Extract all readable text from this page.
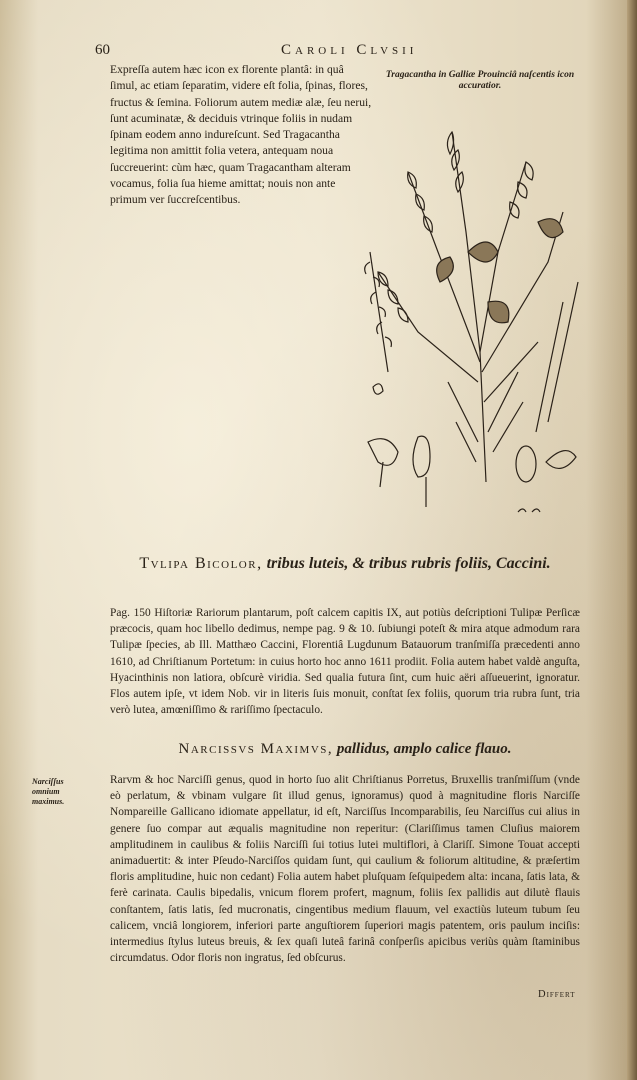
60	Caroli Clvsii

Expreſſa autem hæc icon ex florente plantâ: in quâ ſimul, ac etiam ſeparatim, videre eſt folia, ſpinas, flores, fructus & ſemina. Foliorum autem mediæ alæ, ſeu nerui, ſunt acuminatæ, & deciduis vtrinque foliis in nudam ſpinam eodem anno indureſcunt. Sed Tragacantha legitima non amittit folia vetera, antequam noua ſuccreuerint: cùm hæc, quam Tragacantham alteram vocamus, folia ſua hieme amittat; nouis non ante primum ver ſuccreſcentibus.

Tragacantha in Galliæ Prouinciâ naſcentis icon accuratior.
Tvlipa Bicolor, tribus luteis, & tribus rubris foliis, Caccini.

Pag. 150 Hiſtoriæ Rariorum plantarum, poſt calcem capitis IX, aut potiùs deſcriptioni Tulipæ Perſicæ præcocis, quam hoc libello dedimus, nempe pag. 9 & 10. ſubiungi poteſt & mira atque admodum rara Tulipæ ſpecies, ab Ill. Matthæo Caccini, Florentiâ Lugdunum Batauorum tranſmiſſa præcedenti anno 1610, ad Chriſtianum Portetum: in cuius horto hoc anno 1611 prodiit. Folia autem habet valdè anguſta, Hyacinthinis non latiora, obſcurè viridia. Sed qualia futura ſint, cum huic aëri aſſueuerint, ignoratur. Flos autem ipſe, vt idem Nob. vir in literis ſuis monuit, conſtat ſex foliis, quorum tria rubra ſunt, tria verò lutea, amœniſſimo & rariſſimo ſpectaculo.

Narcissvs Maximvs, pallidus, amplo calice flauo.
Narciſſus omnium maximus.

Rarvm & hoc Narciſſi genus, quod in horto ſuo alit Chriſtianus Porretus, Bruxellis tranſmiſſum (vnde eò perlatum, & vbinam vulgare ſit illud genus, ignoramus) quod à magnitudine floris Narciſſe Nompareille Gallicano idiomate appellatur, id eſt, Narciſſus Incomparabilis, ſeu Narciſſus cui alius in genere ſuo compar aut æqualis magnitudine non reperitur: (Clariſſimus tamen Cluſius maiorem amplitudinem in caulibus & foliis Narciſſi ſui totius lutei multiflori, à Clariſſ. Simone Touat accepti animaduertit: & inter Pſeudo-Narciſſos quidam ſunt, qui caulium & foliorum altitudine, & præſertim floris amplitudine, huic non cedant) Folia autem habet pluſquam ſeſquipedem alta: incana, ſatis lata, & ferè carinata. Caulis bipedalis, vnicum florem profert, magnum, foliis ſex pallidis aut dilutè flauis conſtantem, ſatis latis, ſed mucronatis, cingentibus medium flauum, vel exactiùs luteum tubum ſeu calicem, vnciâ longiorem, inferiori parte anguſtiorem ſuperiori magis patentem, oris paulum inciſis: intermedius ſtylus luteus breuis, & ſex quaſi luteâ farinâ conſperſis apicibus veriùs quàm ſtaminibus circumdatus. Odor floris non ingratus, ſed obſcurus.

Differt
